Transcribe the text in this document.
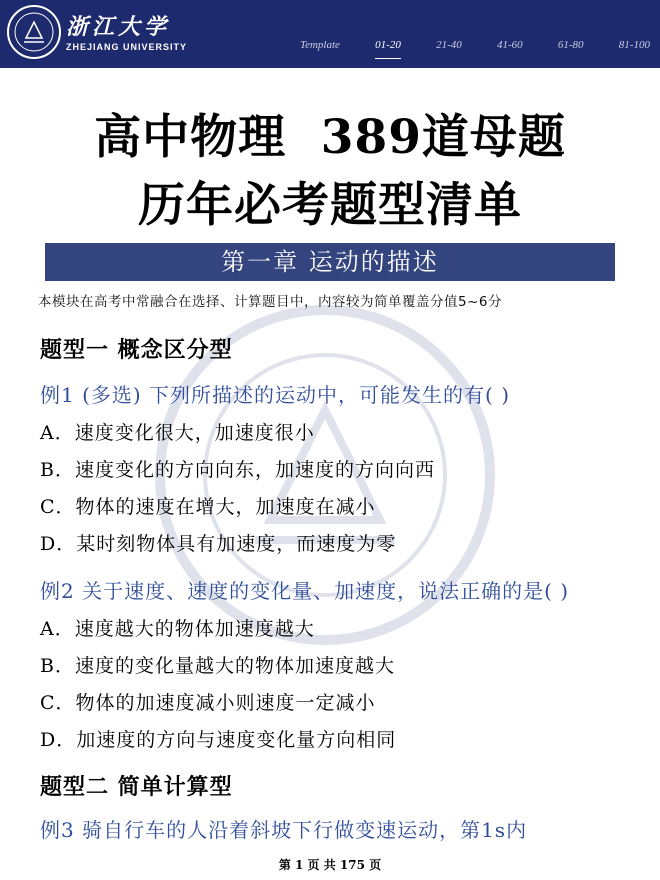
浙江大学
ZHEJIANG UNIVERSITY	Template	01-20	21-40	41-60	61-80	81-100
高中物理  389道母题
历年必考题型清单
第一章 运动的描述
本模块在高考中常融合在选择、计算题目中，内容较为简单覆盖分值5~6分
题型一 概念区分型
例1 (多选) 下列所描述的运动中，可能发生的有( )
A．速度变化很大，加速度很小
B．速度变化的方向向东，加速度的方向向西
C．物体的速度在增大，加速度在减小
D．某时刻物体具有加速度，而速度为零
例2 关于速度、速度的变化量、加速度，说法正确的是( )
A．速度越大的物体加速度越大
B．速度的变化量越大的物体加速度越大
C．物体的加速度减小则速度一定减小
D．加速度的方向与速度变化量方向相同
题型二 简单计算型
例3 骑自行车的人沿着斜坡下行做变速运动，第1s内
第 1 页 共 175 页
